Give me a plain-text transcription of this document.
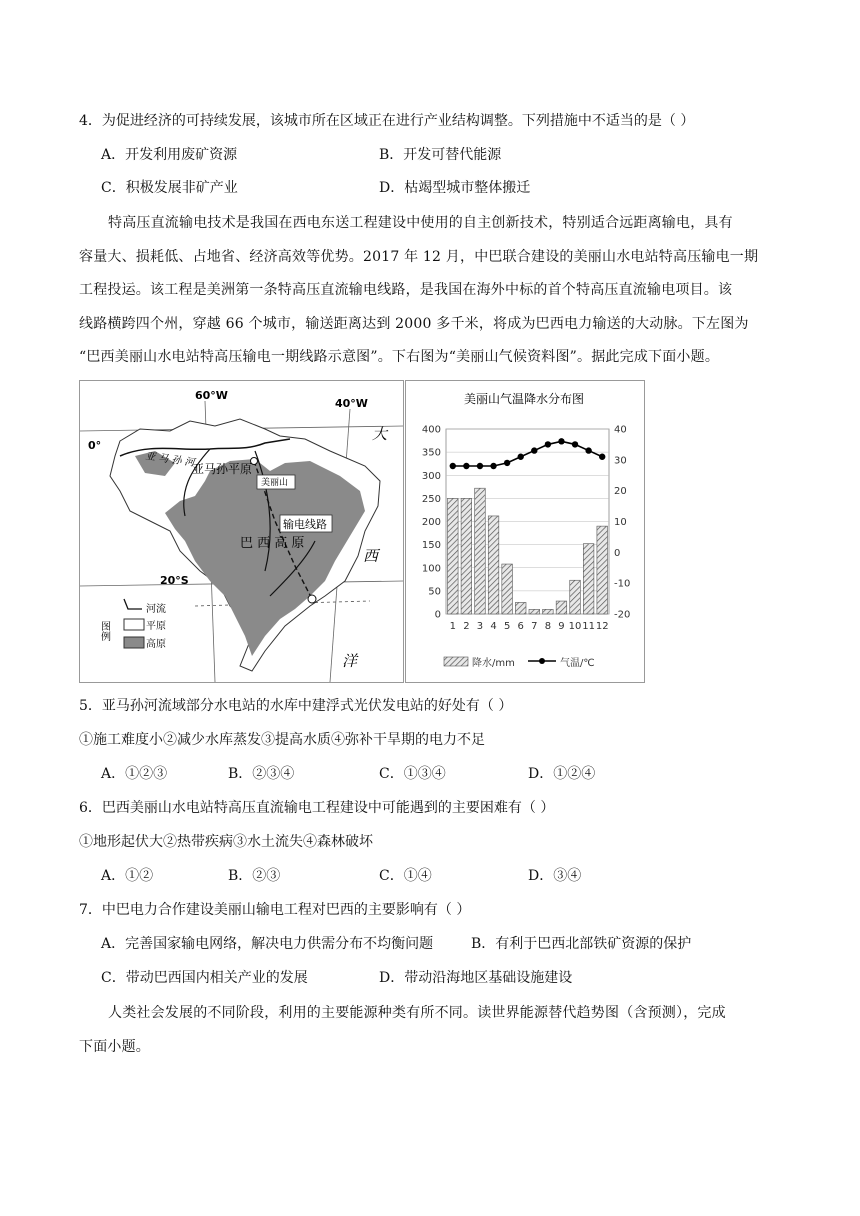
4．为促进经济的可持续发展，该城市所在区域正在进行产业结构调整。下列措施中不适当的是（ ）
A．开发利用废矿资源	B．开发可替代能源
C．积极发展非矿产业	D．枯竭型城市整体搬迁
特高压直流输电技术是我国在西电东送工程建设中使用的自主创新技术，特别适合远距离输电，具有
容量大、损耗低、占地省、经济高效等优势。2017 年 12 月，中巴联合建设的美丽山水电站特高压输电一期
工程投运。该工程是美洲第一条特高压直流输电线路，是我国在海外中标的首个特高压直流输电项目。该
线路横跨四个州，穿越 66 个城市，输送距离达到 2000 多千米，将成为巴西电力输送的大动脉。下左图为
“巴西美丽山水电站特高压输电一期线路示意图”。下右图为“美丽山气候资料图”。据此完成下面小题。
60°W
40°W
0°
20°S
亚 马 孙 河
亚马孙平原
美丽山
输电线路
巴 西 高 原
大
西
洋
图例
河流
平原
高原
美丽山气温降水分布图
0
50
100
150
200
250
300
350
400
-20
-10
0
10
20
30
40
1 2 3 4 5 6 7 8 9 10 11 12
降水/mm	气温/℃
5．亚马孙河流域部分水电站的水库中建浮式光伏发电站的好处有（ ）
①施工难度小②减少水库蒸发③提高水质④弥补干旱期的电力不足
A．①②③	B．②③④	C．①③④	D．①②④
6．巴西美丽山水电站特高压直流输电工程建设中可能遇到的主要困难有（ ）
①地形起伏大②热带疾病③水土流失④森林破坏
A．①②	B．②③	C．①④	D．③④
7．中巴电力合作建设美丽山输电工程对巴西的主要影响有（ ）
A．完善国家输电网络，解决电力供需分布不均衡问题	B．有利于巴西北部铁矿资源的保护
C．带动巴西国内相关产业的发展	D．带动沿海地区基础设施建设
人类社会发展的不同阶段，利用的主要能源种类有所不同。读世界能源替代趋势图（含预测），完成
下面小题。
